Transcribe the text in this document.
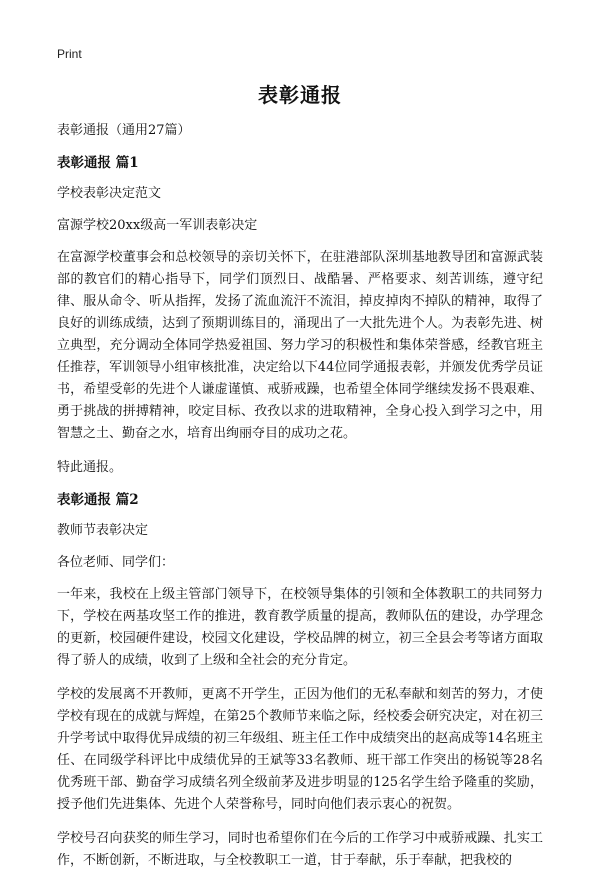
Print
表彰通报

表彰通报（通用27篇）

表彰通报 篇1

学校表彰决定范文

富源学校20xx级高一军训表彰决定

在富源学校董事会和总校领导的亲切关怀下，在驻港部队深圳基地教导团和富源武装部的教官们的精心指导下，同学们顶烈日、战酷暑、严格要求、刻苦训练，遵守纪律、服从命令、听从指挥，发扬了流血流汗不流泪，掉皮掉肉不掉队的精神，取得了良好的训练成绩，达到了预期训练目的，涌现出了一大批先进个人。为表彰先进、树立典型，充分调动全体同学热爱祖国、努力学习的积极性和集体荣誉感，经教官班主任推荐，军训领导小组审核批准，决定给以下44位同学通报表彰，并颁发优秀学员证书，希望受彰的先进个人谦虚谨慎、戒骄戒躁，也希望全体同学继续发扬不畏艰难、勇于挑战的拼搏精神，咬定目标、孜孜以求的进取精神，全身心投入到学习之中，用智慧之土、勤奋之水，培育出绚丽夺目的成功之花。

特此通报。

表彰通报 篇2

教师节表彰决定

各位老师、同学们：

一年来，我校在上级主管部门领导下，在校领导集体的引领和全体教职工的共同努力下，学校在两基攻坚工作的推进，教育教学质量的提高，教师队伍的建设，办学理念的更新，校园硬件建设，校园文化建设，学校品牌的树立，初三全县会考等诸方面取得了骄人的成绩，收到了上级和全社会的充分肯定。

学校的发展离不开教师，更离不开学生，正因为他们的无私奉献和刻苦的努力，才使学校有现在的成就与辉煌，在第25个教师节来临之际，经校委会研究决定，对在初三升学考试中取得优异成绩的初三年级组、班主任工作中成绩突出的赵高成等14名班主任、在同级学科评比中成绩优异的王斌等33名教师、班干部工作突出的杨锐等28名优秀班干部、勤奋学习成绩名列全级前茅及进步明显的125名学生给予隆重的奖励，授予他们先进集体、先进个人荣誉称号，同时向他们表示衷心的祝贺。

学校号召向获奖的师生学习，同时也希望你们在今后的工作学习中戒骄戒躁、扎实工作，不断创新，不断进取，与全校教职工一道，甘于奉献，乐于奉献，把我校的
